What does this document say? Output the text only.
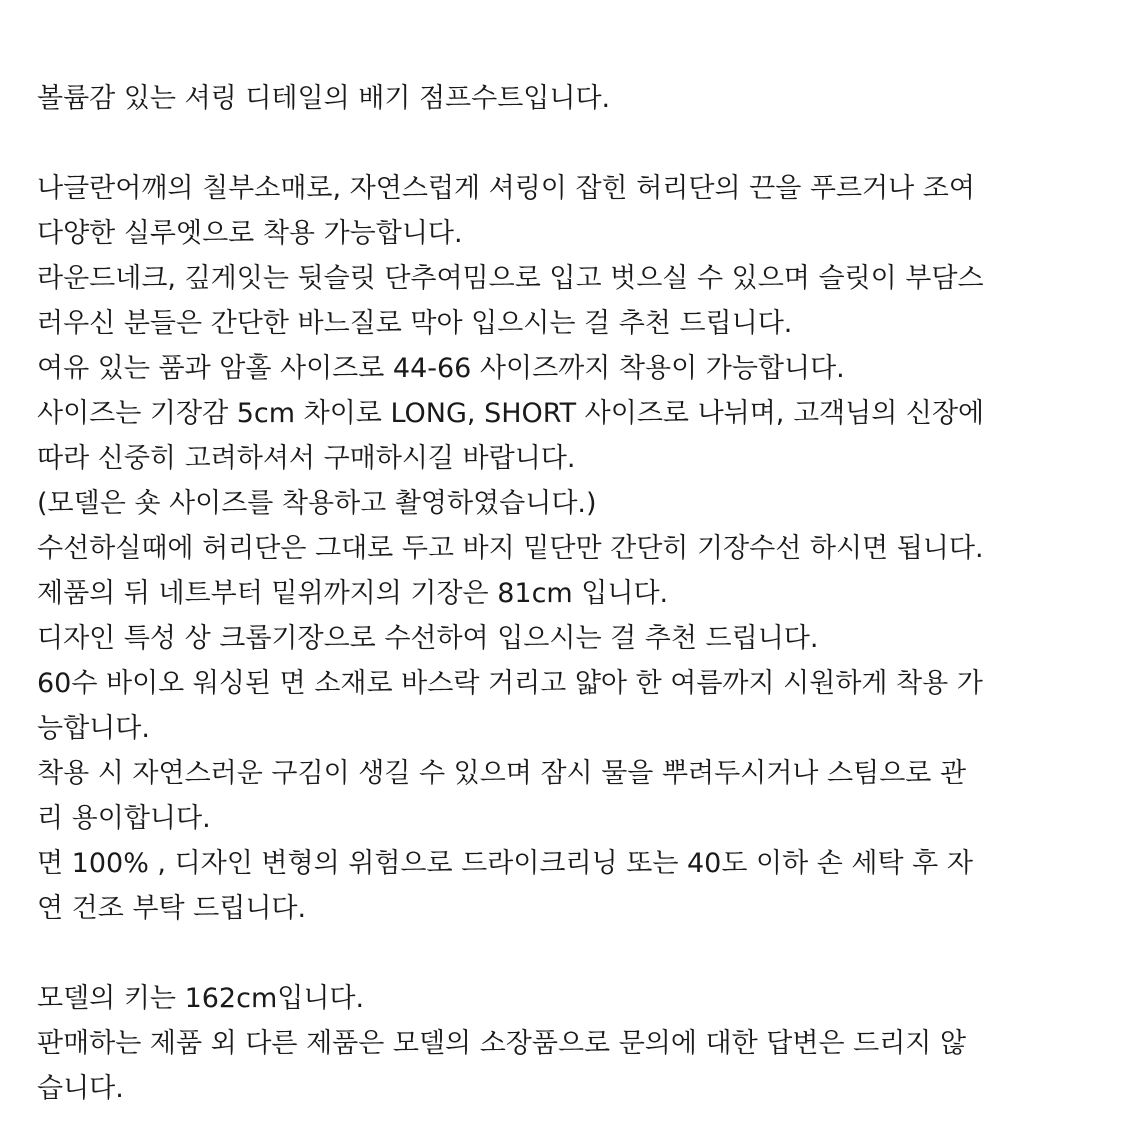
볼륨감 있는 셔링 디테일의 배기 점프수트입니다.
나글란어깨의 칠부소매로, 자연스럽게 셔링이 잡힌 허리단의 끈을 푸르거나 조여
다양한 실루엣으로 착용 가능합니다.
라운드네크, 깊게잇는 뒷슬릿 단추여밈으로 입고 벗으실 수 있으며 슬릿이 부담스
러우신 분들은 간단한 바느질로 막아 입으시는 걸 추천 드립니다.
여유 있는 품과 암홀 사이즈로 44-66 사이즈까지 착용이 가능합니다.
사이즈는 기장감 5cm 차이로 LONG, SHORT 사이즈로 나뉘며, 고객님의 신장에
따라 신중히 고려하셔서 구매하시길 바랍니다.
(모델은 숏 사이즈를 착용하고 촬영하였습니다.)
수선하실때에 허리단은 그대로 두고 바지 밑단만 간단히 기장수선 하시면 됩니다.
제품의 뒤 네트부터 밑위까지의 기장은 81cm 입니다.
디자인 특성 상 크롭기장으로 수선하여 입으시는 걸 추천 드립니다.
60수 바이오 워싱된 면 소재로 바스락 거리고 얇아 한 여름까지 시원하게 착용 가
능합니다.
착용 시 자연스러운 구김이 생길 수 있으며 잠시 물을 뿌려두시거나 스팀으로 관
리 용이합니다.
면 100% , 디자인 변형의 위험으로 드라이크리닝 또는 40도 이하 손 세탁 후 자
연 건조 부탁 드립니다.
모델의 키는 162cm입니다.
판매하는 제품 외 다른 제품은 모델의 소장품으로 문의에 대한 답변은 드리지 않
습니다.
